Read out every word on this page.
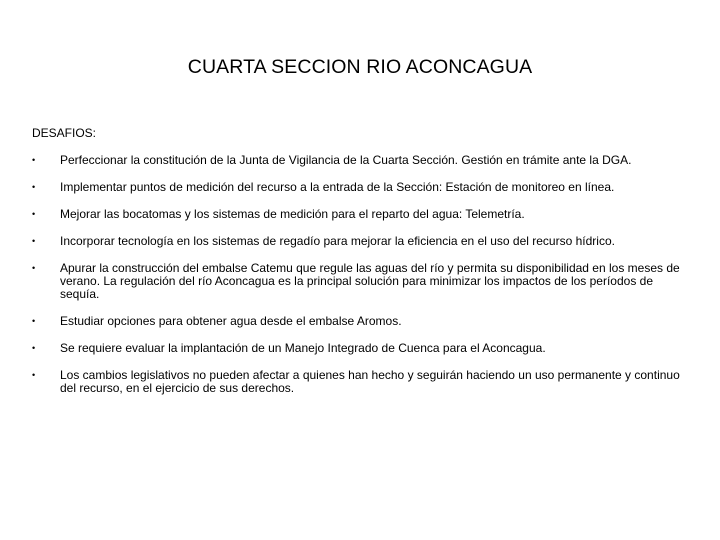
CUARTA SECCION RIO ACONCAGUA
DESAFIOS:
• Perfeccionar la constitución de la Junta de Vigilancia de la Cuarta Sección. Gestión en trámite ante la DGA.
• Implementar puntos de medición del recurso a la entrada de la Sección: Estación de monitoreo en línea.
• Mejorar las bocatomas y los sistemas de medición para el reparto del agua: Telemetría.
• Incorporar tecnología en los sistemas de regadío para mejorar la eficiencia en el uso del recurso hídrico.
• Apurar la construcción del embalse Catemu que regule las aguas del río y permita su disponibilidad en los meses de verano. La regulación del río Aconcagua es la principal solución para minimizar los impactos de los períodos de sequía.
• Estudiar opciones para obtener agua desde el embalse Aromos.
• Se requiere evaluar la implantación de un Manejo Integrado de Cuenca para el Aconcagua.
• Los cambios legislativos no pueden afectar a quienes han hecho y seguirán haciendo un uso permanente y continuo del recurso, en el ejercicio de sus derechos.
